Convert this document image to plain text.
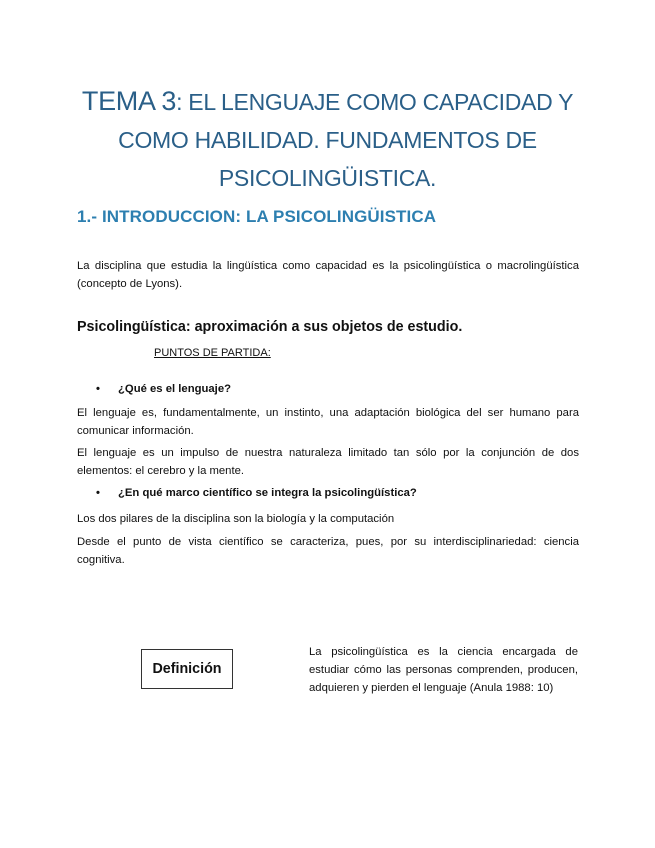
TEMA 3: EL LENGUAJE COMO CAPACIDAD Y COMO HABILIDAD. FUNDAMENTOS DE PSICOLINGÜISTICA.
1.- INTRODUCCION: LA PSICOLINGÜISTICA
La disciplina que estudia la lingüística como capacidad es la psicolingüística o macrolingüística (concepto de Lyons).
Psicolingüística: aproximación a sus objetos de estudio.
PUNTOS DE PARTIDA:
• ¿Qué es el lenguaje?
El lenguaje es, fundamentalmente, un instinto, una adaptación biológica del ser humano para comunicar información.
El lenguaje es un impulso de nuestra naturaleza limitado tan sólo por la conjunción de dos elementos: el cerebro y la mente.
• ¿En qué marco científico se integra la psicolingüística?
Los dos pilares de la disciplina son la biología y la computación
Desde el punto de vista científico se caracteriza, pues, por su interdisciplinariedad: ciencia cognitiva.
Definición
La psicolingüística es la ciencia encargada de estudiar cómo las personas comprenden, producen, adquieren y pierden el lenguaje (Anula 1988: 10)
